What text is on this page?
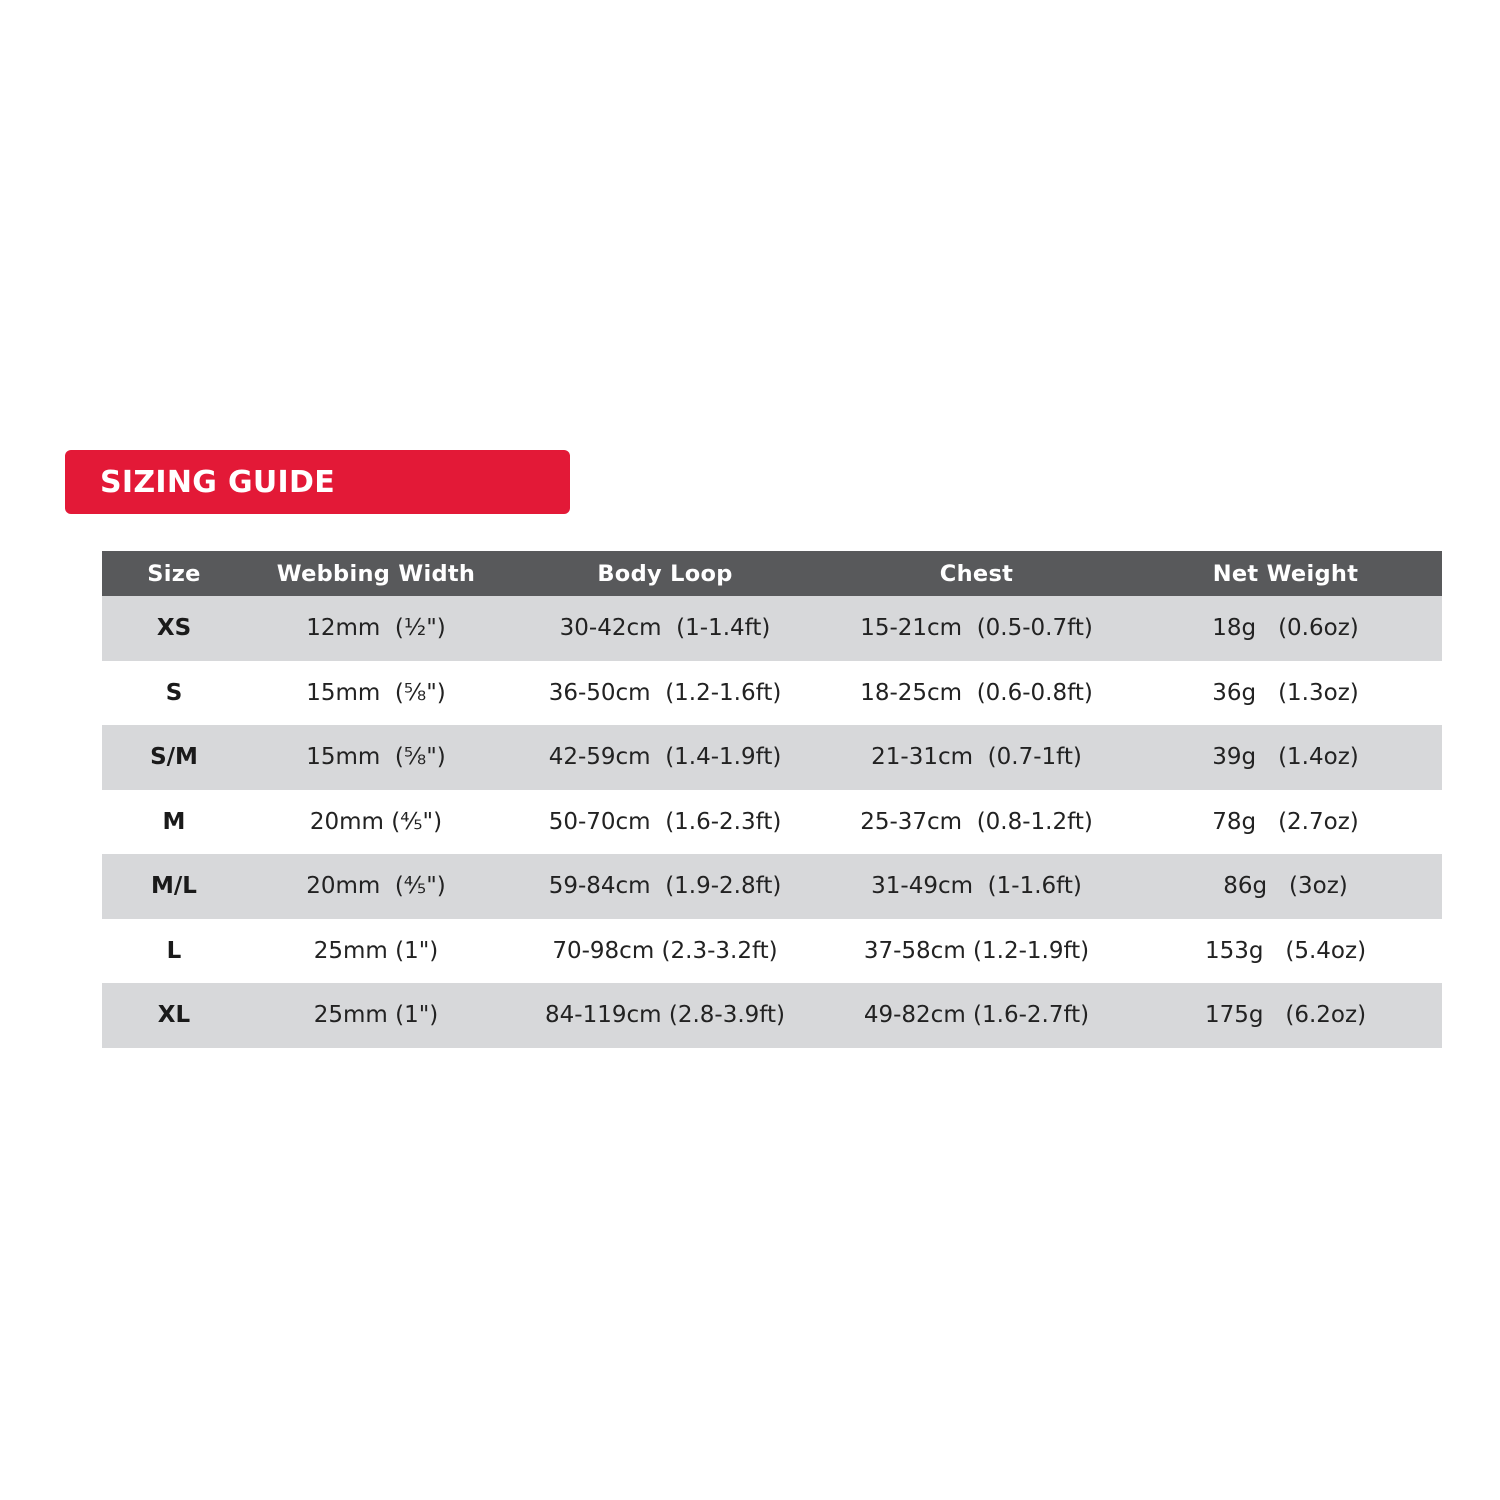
SIZING GUIDE
Size	Webbing Width	Body Loop	Chest	Net Weight
XS	12mm  (½")	30-42cm  (1-1.4ft)	15-21cm  (0.5-0.7ft)	18g   (0.6oz)
S	15mm  (⅝")	36-50cm  (1.2-1.6ft)	18-25cm  (0.6-0.8ft)	36g   (1.3oz)
S/M	15mm  (⅝")	42-59cm  (1.4-1.9ft)	21-31cm  (0.7-1ft)	39g   (1.4oz)
M	20mm (⅘")	50-70cm  (1.6-2.3ft)	25-37cm  (0.8-1.2ft)	78g   (2.7oz)
M/L	20mm  (⅘")	59-84cm  (1.9-2.8ft)	31-49cm  (1-1.6ft)	86g   (3oz)
L	25mm (1")	70-98cm (2.3-3.2ft)	37-58cm (1.2-1.9ft)	153g   (5.4oz)
XL	25mm (1")	84-119cm (2.8-3.9ft)	49-82cm (1.6-2.7ft)	175g   (6.2oz)
